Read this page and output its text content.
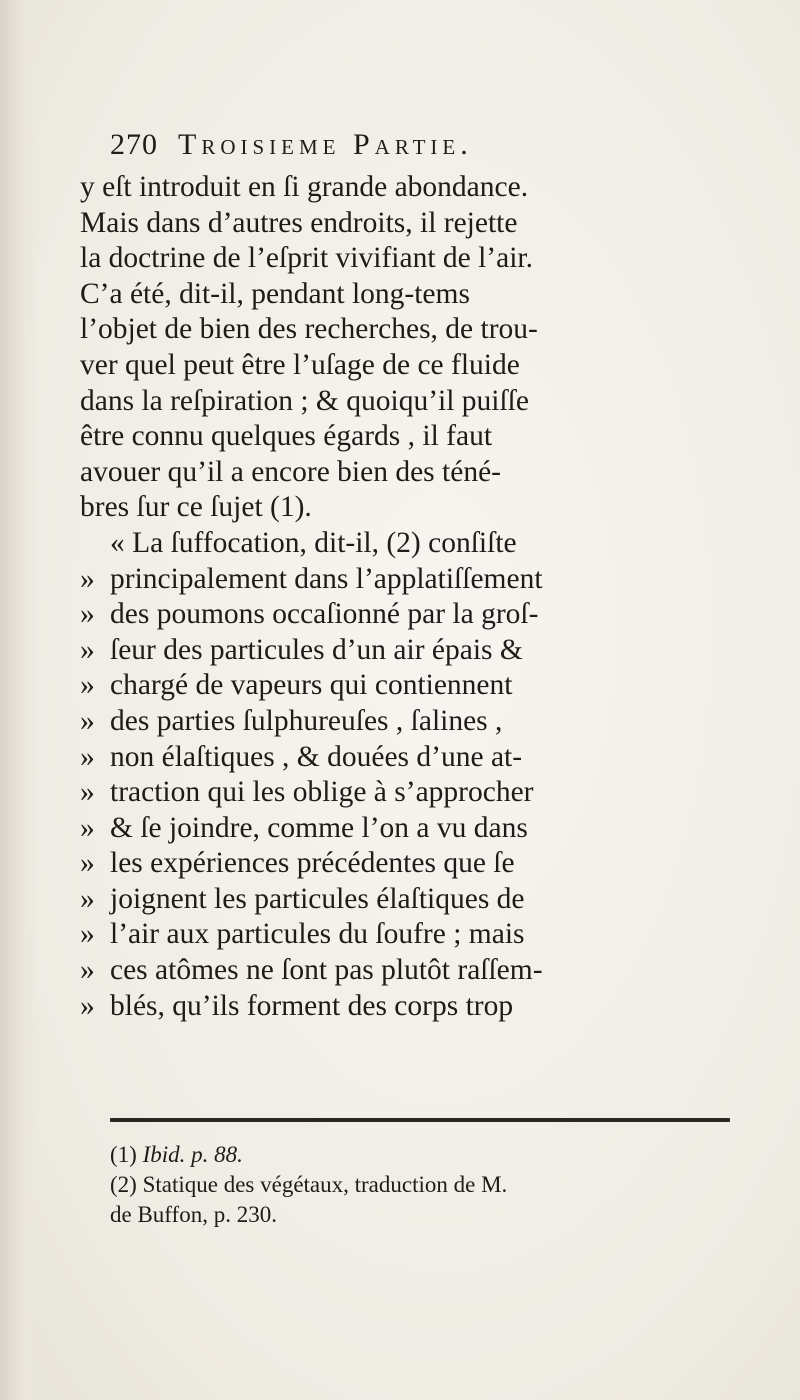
270 Troisieme Partie.
y eſt introduit en ſi grande abondance.
Mais dans d’autres endroits, il rejette
la doctrine de l’eſprit vivifiant de l’air.
C’a été, dit-il, pendant long-tems
l’objet de bien des recherches, de trou-
ver quel peut être l’uſage de ce fluide
dans la reſpiration ; & quoiqu’il puiſſe
être connu quelques égards , il faut
avouer qu’il a encore bien des téné-
bres ſur ce ſujet (1).
« La ſuffocation, dit-il, (2) conſiſte
» principalement dans l’applatiſſement
» des poumons occaſionné par la groſ-
» ſeur des particules d’un air épais &
» chargé de vapeurs qui contiennent
» des parties ſulphureuſes , ſalines ,
» non élaſtiques , & douées d’une at-
» traction qui les oblige à s’approcher
» & ſe joindre, comme l’on a vu dans
» les expériences précédentes que ſe
» joignent les particules élaſtiques de
» l’air aux particules du ſoufre ; mais
» ces atômes ne ſont pas plutôt raſſem-
» blés, qu’ils forment des corps trop
(1) Ibid. p. 88.
(2) Statique des végétaux, traduction de M.
de Buffon, p. 230.
